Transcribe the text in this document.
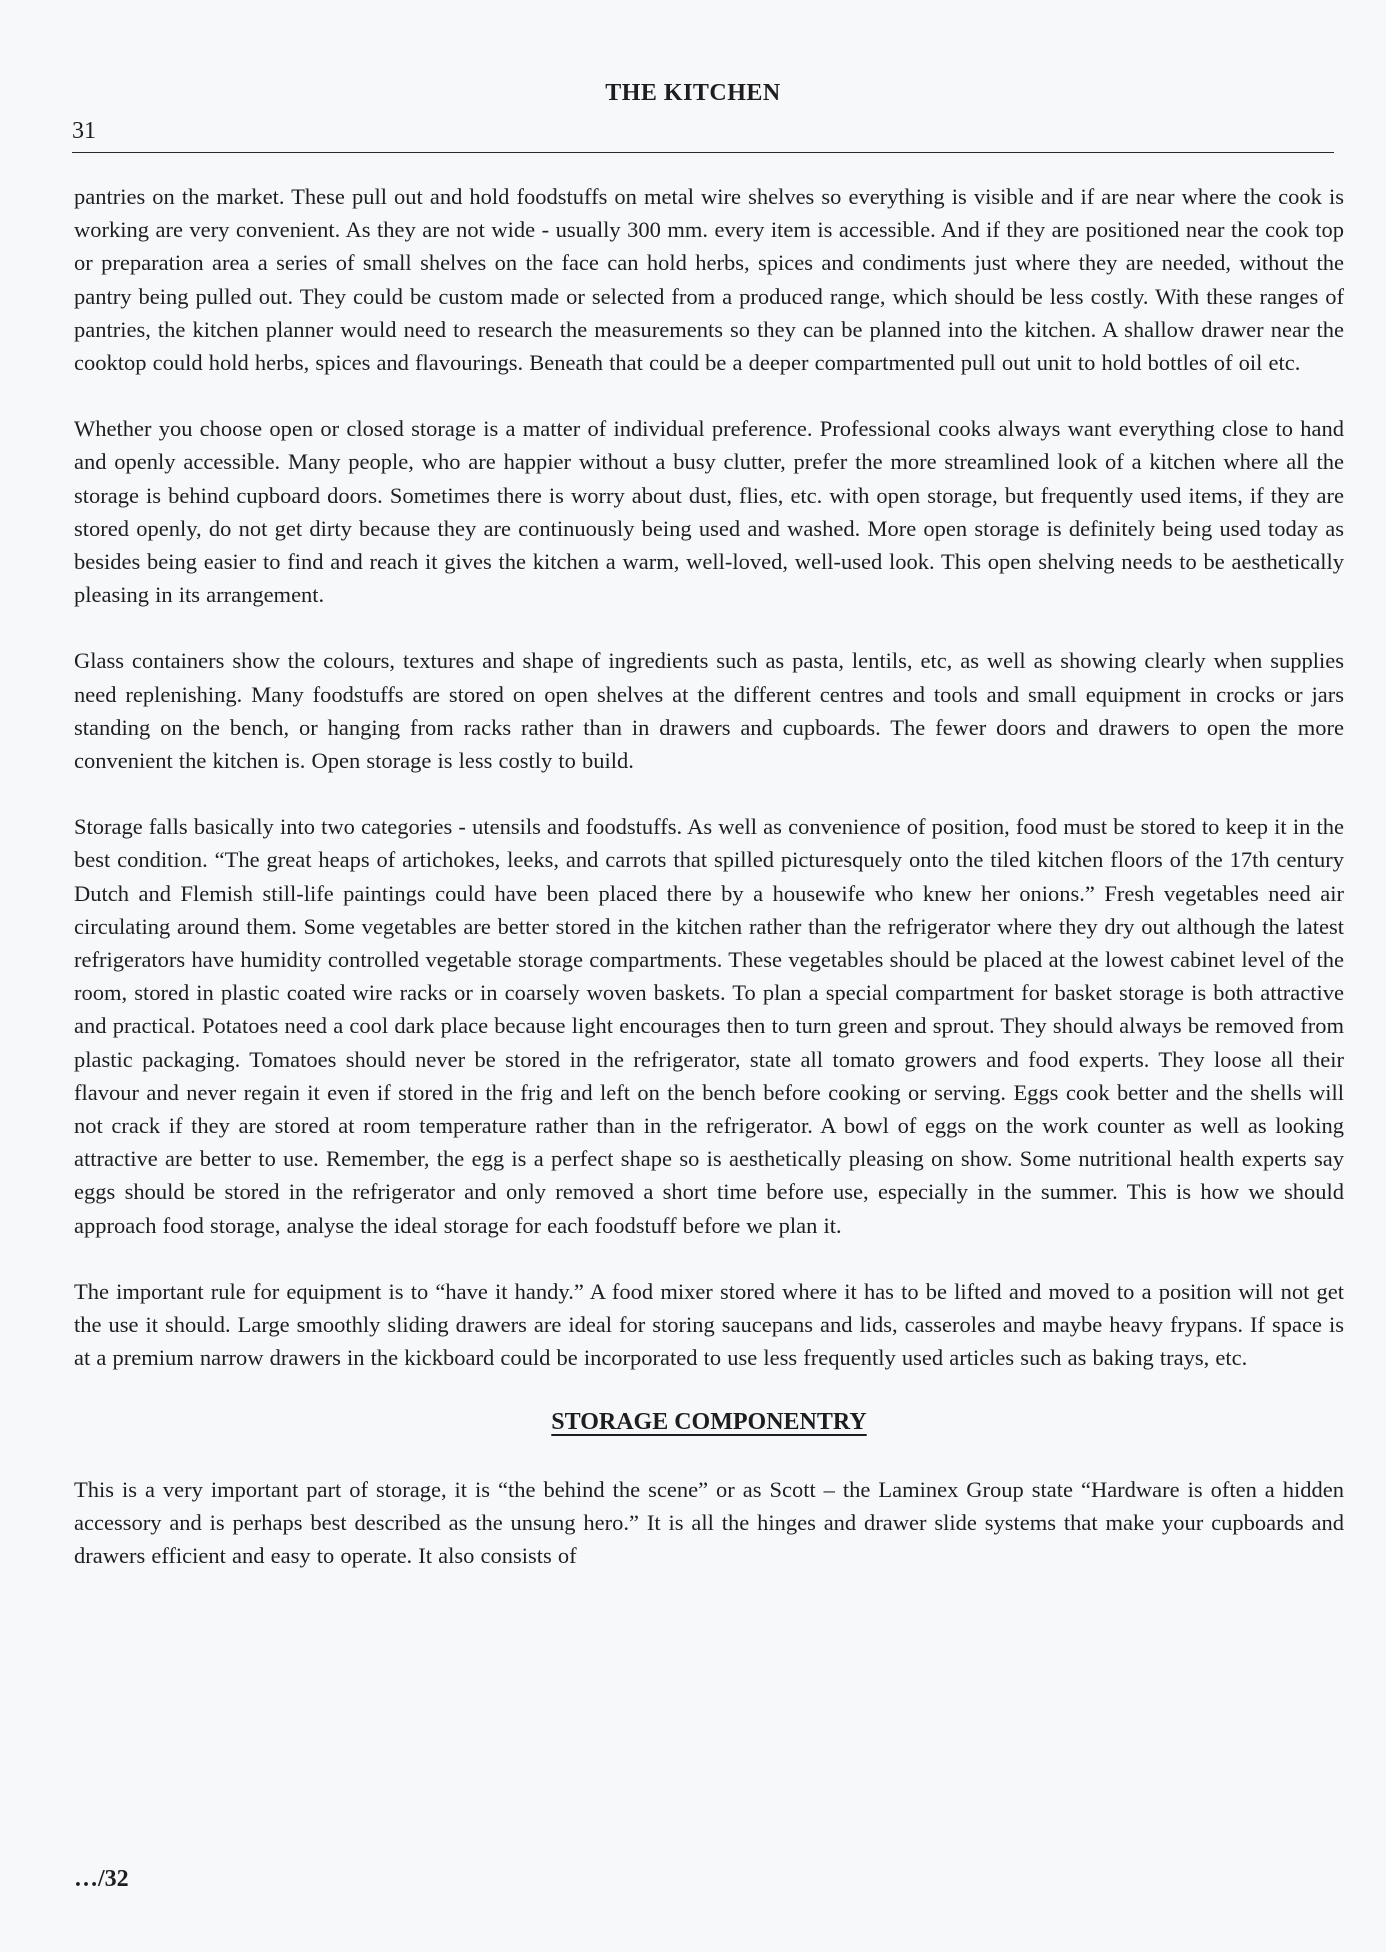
THE KITCHEN
31

pantries on the market. These pull out and hold foodstuffs on metal wire shelves so everything is visible and if are near where the cook is working are very convenient. As they are not wide - usually 300 mm. every item is accessible. And if they are positioned near the cook top or preparation area a series of small shelves on the face can hold herbs, spices and condiments just where they are needed, without the pantry being pulled out. They could be custom made or selected from a produced range, which should be less costly. With these ranges of pantries, the kitchen planner would need to research the measurements so they can be planned into the kitchen. A shallow drawer near the cooktop could hold herbs, spices and flavourings. Beneath that could be a deeper compartmented pull out unit to hold bottles of oil etc.

Whether you choose open or closed storage is a matter of individual preference. Professional cooks always want everything close to hand and openly accessible. Many people, who are happier without a busy clutter, prefer the more streamlined look of a kitchen where all the storage is behind cupboard doors. Sometimes there is worry about dust, flies, etc. with open storage, but frequently used items, if they are stored openly, do not get dirty because they are continuously being used and washed. More open storage is definitely being used today as besides being easier to find and reach it gives the kitchen a warm, well-loved, well-used look. This open shelving needs to be aesthetically pleasing in its arrangement.

Glass containers show the colours, textures and shape of ingredients such as pasta, lentils, etc, as well as showing clearly when supplies need replenishing. Many foodstuffs are stored on open shelves at the different centres and tools and small equipment in crocks or jars standing on the bench, or hanging from racks rather than in drawers and cupboards. The fewer doors and drawers to open the more convenient the kitchen is. Open storage is less costly to build.

Storage falls basically into two categories - utensils and foodstuffs. As well as convenience of position, food must be stored to keep it in the best condition. “The great heaps of artichokes, leeks, and carrots that spilled picturesquely onto the tiled kitchen floors of the 17th century Dutch and Flemish still-life paintings could have been placed there by a housewife who knew her onions.” Fresh vegetables need air circulating around them. Some vegetables are better stored in the kitchen rather than the refrigerator where they dry out although the latest refrigerators have humidity controlled vegetable storage compartments. These vegetables should be placed at the lowest cabinet level of the room, stored in plastic coated wire racks or in coarsely woven baskets. To plan a special compartment for basket storage is both attractive and practical. Potatoes need a cool dark place because light encourages then to turn green and sprout. They should always be removed from plastic packaging. Tomatoes should never be stored in the refrigerator, state all tomato growers and food experts. They loose all their flavour and never regain it even if stored in the frig and left on the bench before cooking or serving. Eggs cook better and the shells will not crack if they are stored at room temperature rather than in the refrigerator. A bowl of eggs on the work counter as well as looking attractive are better to use. Remember, the egg is a perfect shape so is aesthetically pleasing on show. Some nutritional health experts say eggs should be stored in the refrigerator and only removed a short time before use, especially in the summer. This is how we should approach food storage, analyse the ideal storage for each foodstuff before we plan it.

The important rule for equipment is to “have it handy.” A food mixer stored where it has to be lifted and moved to a position will not get the use it should. Large smoothly sliding drawers are ideal for storing saucepans and lids, casseroles and maybe heavy frypans. If space is at a premium narrow drawers in the kickboard could be incorporated to use less frequently used articles such as baking trays, etc.

STORAGE COMPONENTRY

This is a very important part of storage, it is “the behind the scene” or as Scott – the Laminex Group state “Hardware is often a hidden accessory and is perhaps best described as the unsung hero.” It is all the hinges and drawer slide systems that make your cupboards and drawers efficient and easy to operate. It also consists of

…/32
